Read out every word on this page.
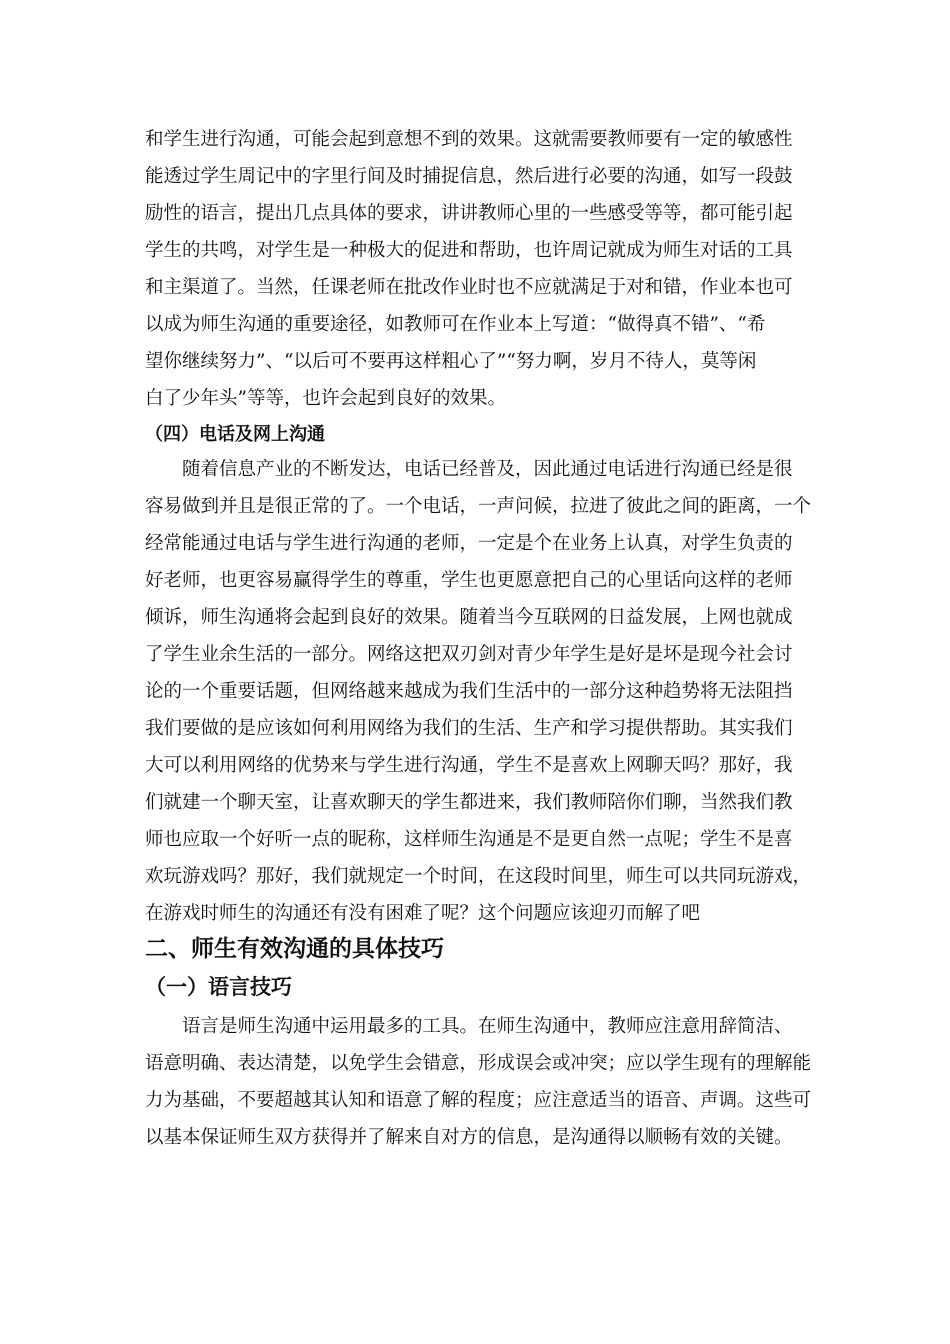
和学生进行沟通，可能会起到意想不到的效果。这就需要教师要有一定的敏感性
能透过学生周记中的字里行间及时捕捉信息，然后进行必要的沟通，如写一段鼓
励性的语言，提出几点具体的要求，讲讲教师心里的一些感受等等，都可能引起
学生的共鸣，对学生是一种极大的促进和帮助，也许周记就成为师生对话的工具
和主渠道了。当然，任课老师在批改作业时也不应就满足于对和错，作业本也可
以成为师生沟通的重要途径，如教师可在作业本上写道：“做得真不错”、“希
望你继续努力”、“以后可不要再这样粗心了”“努力啊，岁月不待人，莫等闲
白了少年头”等等，也许会起到良好的效果。
（四）电话及网上沟通
随着信息产业的不断发达，电话已经普及，因此通过电话进行沟通已经是很
容易做到并且是很正常的了。一个电话，一声问候，拉进了彼此之间的距离，一个
经常能通过电话与学生进行沟通的老师，一定是个在业务上认真，对学生负责的
好老师，也更容易赢得学生的尊重，学生也更愿意把自己的心里话向这样的老师
倾诉，师生沟通将会起到良好的效果。随着当今互联网的日益发展，上网也就成
了学生业余生活的一部分。网络这把双刃剑对青少年学生是好是坏是现今社会讨
论的一个重要话题，但网络越来越成为我们生活中的一部分这种趋势将无法阻挡
我们要做的是应该如何利用网络为我们的生活、生产和学习提供帮助。其实我们
大可以利用网络的优势来与学生进行沟通，学生不是喜欢上网聊天吗？那好，我
们就建一个聊天室，让喜欢聊天的学生都进来，我们教师陪你们聊，当然我们教
师也应取一个好听一点的昵称，这样师生沟通是不是更自然一点呢；学生不是喜
欢玩游戏吗？那好，我们就规定一个时间，在这段时间里，师生可以共同玩游戏，
在游戏时师生的沟通还有没有困难了呢？这个问题应该迎刃而解了吧
二、师生有效沟通的具体技巧
（一）语言技巧
语言是师生沟通中运用最多的工具。在师生沟通中，教师应注意用辞简洁、
语意明确、表达清楚，以免学生会错意，形成误会或冲突；应以学生现有的理解能
力为基础，不要超越其认知和语意了解的程度；应注意适当的语音、声调。这些可
以基本保证师生双方获得并了解来自对方的信息，是沟通得以顺畅有效的关键。
